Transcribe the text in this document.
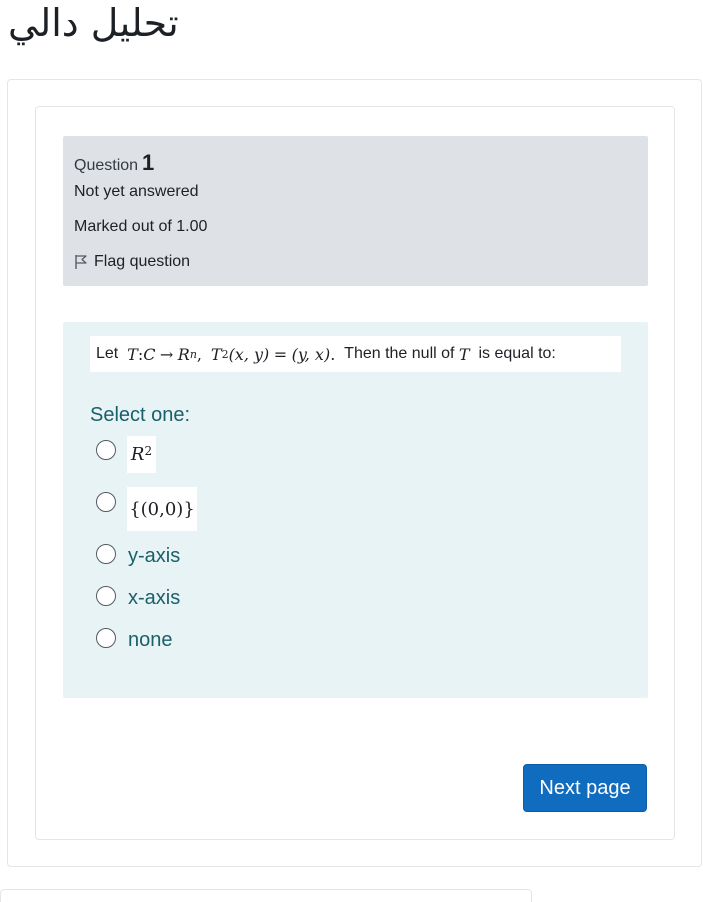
تحليل دالي
Question 1
Not yet answered
Marked out of 1.00
Flag question
Let
T : C
→
R n ,
T 2 (x, y)
=
(y, x) .
Then the null of
T
is equal to:
Select one:
$R^2$
{(0,0)}
y-axis
x-axis
none
Next page
